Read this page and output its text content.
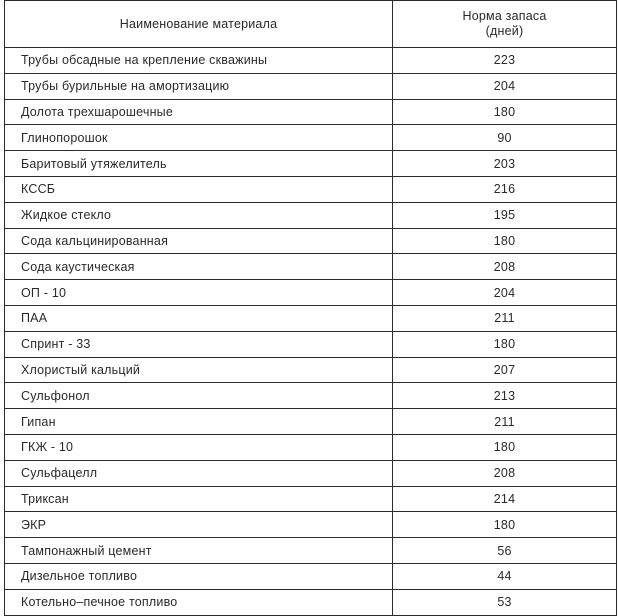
Наименование материала	Норма запаса
(дней)

Трубы обсадные на крепление скважины	223
Трубы бурильные на амортизацию	204
Долота трехшарошечные	180
Глинопорошок	90
Баритовый утяжелитель	203
КССБ	216
Жидкое стекло	195
Сода кальцинированная	180
Сода каустическая	208
ОП - 10	204
ПАА	211
Спринт - 33	180
Хлористый кальций	207
Сульфонол	213
Гипан	211
ГКЖ - 10	180
Сульфацелл	208
Трикcан	214
ЭКР	180
Тампонажный цемент	56
Дизельное топливо	44
Котельно–печное топливо	53
